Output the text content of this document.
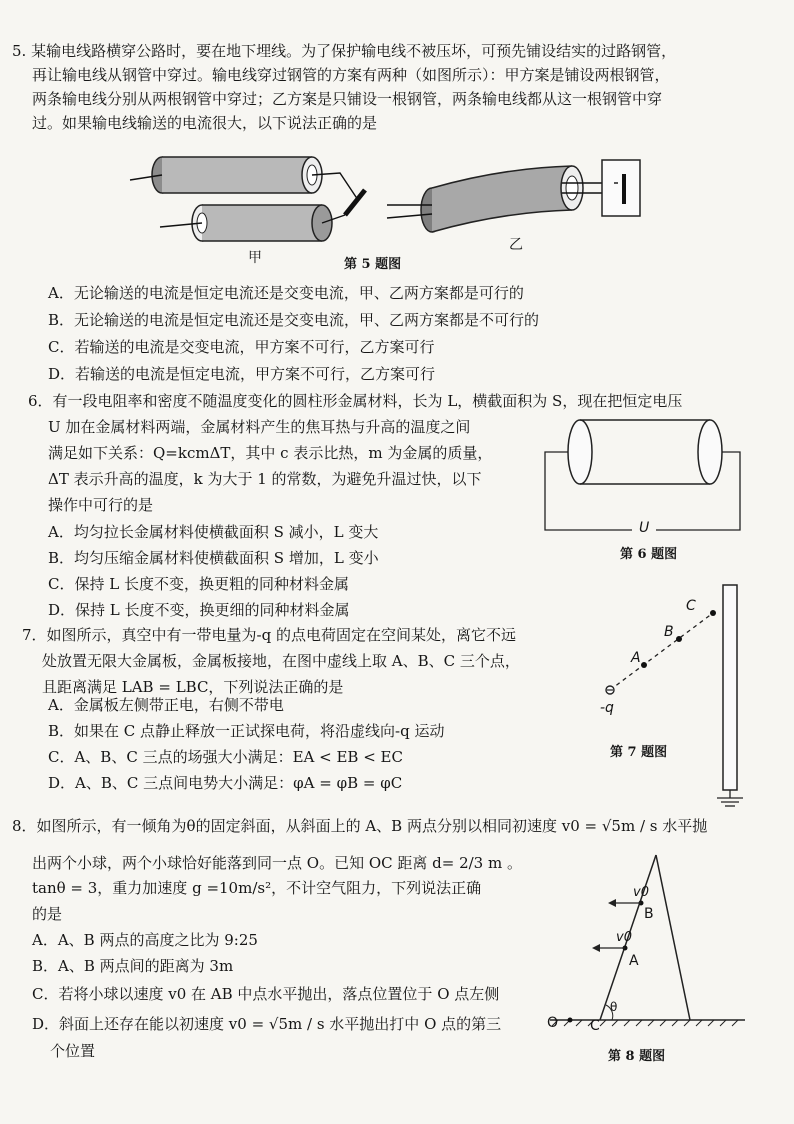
5. 某输电线路横穿公路时，要在地下埋线。为了保护输电线不被压坏，可预先铺设结实的过路钢管，
再让输电线从钢管中穿过。输电线穿过钢管的方案有两种（如图所示）：甲方案是铺设两根钢管，
两条输电线分别从两根钢管中穿过；乙方案是只铺设一根钢管，两条输电线都从这一根钢管中穿
过。如果输电线输送的电流很大，以下说法正确的是
甲	第 5 题图
乙
A．无论输送的电流是恒定电流还是交变电流，甲、乙两方案都是可行的
B．无论输送的电流是恒定电流还是交变电流，甲、乙两方案都是不可行的
C．若输送的电流是交变电流，甲方案不可行，乙方案可行
D．若输送的电流是恒定电流，甲方案不可行，乙方案可行
6．有一段电阻率和密度不随温度变化的圆柱形金属材料，长为 L，横截面积为 S，现在把恒定电压
U 加在金属材料两端，金属材料产生的焦耳热与升高的温度之间
满足如下关系：Q=kcmΔT，其中 c 表示比热，m 为金属的质量，
ΔT 表示升高的温度，k 为大于 1 的常数，为避免升温过快，以下
操作中可行的是
U
第 6 题图
A．均匀拉长金属材料使横截面积 S 减小，L 变大
B．均匀压缩金属材料使横截面积 S 增加，L 变小
C．保持 L 长度不变，换更粗的同种材料金属
D．保持 L 长度不变，换更细的同种材料金属
7．如图所示，真空中有一带电量为-q 的点电荷固定在空间某处，离它不远
处放置无限大金属板，金属板接地，在图中虚线上取 A、B、C 三个点，
且距离满足 LAB = LBC，下列说法正确的是
A
B
C
-q
第 7 题图
A．金属板左侧带正电，右侧不带电
B．如果在 C 点静止释放一正试探电荷，将沿虚线向-q 运动
C．A、B、C 三点的场强大小满足：EA < EB < EC
D．A、B、C 三点间电势大小满足：φA = φB = φC
8．如图所示，有一倾角为θ的固定斜面，从斜面上的 A、B 两点分别以相同初速度 v0 = √5m / s 水平抛
出两个小球，两个小球恰好能落到同一点 O。已知 OC 距离 d= 2/3 m 。
tanθ = 3，重力加速度 g =10m/s²，不计空气阻力，下列说法正确
的是
v0
v0
B
A
O C
θ
第 8 题图
A．A、B 两点的高度之比为 9:25
B．A、B 两点间的距离为 3m
C．若将小球以速度 v0 在 AB 中点水平抛出，落点位置位于 O 点左侧
D．斜面上还存在能以初速度 v0 = √5m / s 水平抛出打中 O 点的第三
个位置
